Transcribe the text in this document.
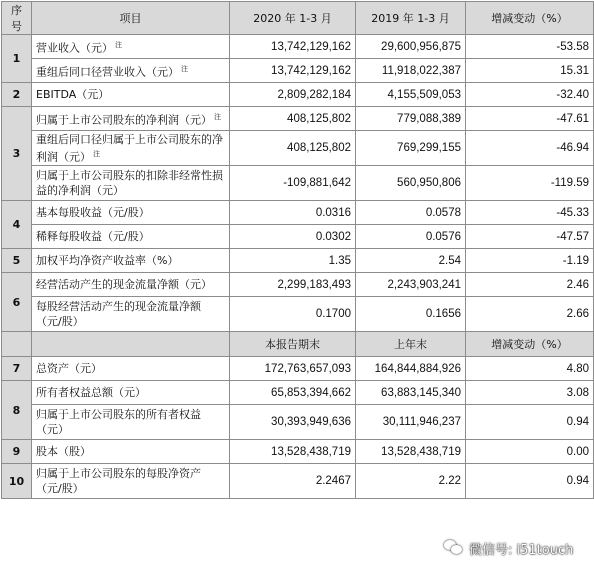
序号	项目	2020 年 1-3 月	2019 年 1-3 月	增减变动（%）
1	营业收入（元） $^注$	13,742,129,162	29,600,956,875	-53.58
	重组后同口径营业收入（元） $^注$	13,742,129,162	11,918,022,387	15.31
2	EBITDA（元）	2,809,282,184	4,155,509,053	-32.40
3	归属于上市公司股东的净利润（元） $^注$	408,125,802	779,088,389	-47.61
	重组后同口径归属于上市公司股东的净利润（元） $^注$	408,125,802	769,299,155	-46.94
	归属于上市公司股东的扣除非经常性损益的净利润（元）	-109,881,642	560,950,806	-119.59
4	基本每股收益（元/股）	0.0316	0.0578	-45.33
	稀释每股收益（元/股）	0.0302	0.0576	-47.57
5	加权平均净资产收益率（%）	1.35	2.54	-1.19
6	经营活动产生的现金流量净额（元）	2,299,183,493	2,243,903,241	2.46
	每股经营活动产生的现金流量净额（元/股）	0.1700	0.1656	2.66
		本报告期末	上年末	增减变动（%）
7	总资产（元）	172,763,657,093	164,844,884,926	4.80
8	所有者权益总额（元）	65,853,394,662	63,883,145,340	3.08
	归属于上市公司股东的所有者权益（元）	30,393,949,636	30,111,946,237	0.94
9	股本（股）	13,528,438,719	13,528,438,719	0.00
10	归属于上市公司股东的每股净资产（元/股）	2.2467	2.22	0.94
微信号: i51touch
